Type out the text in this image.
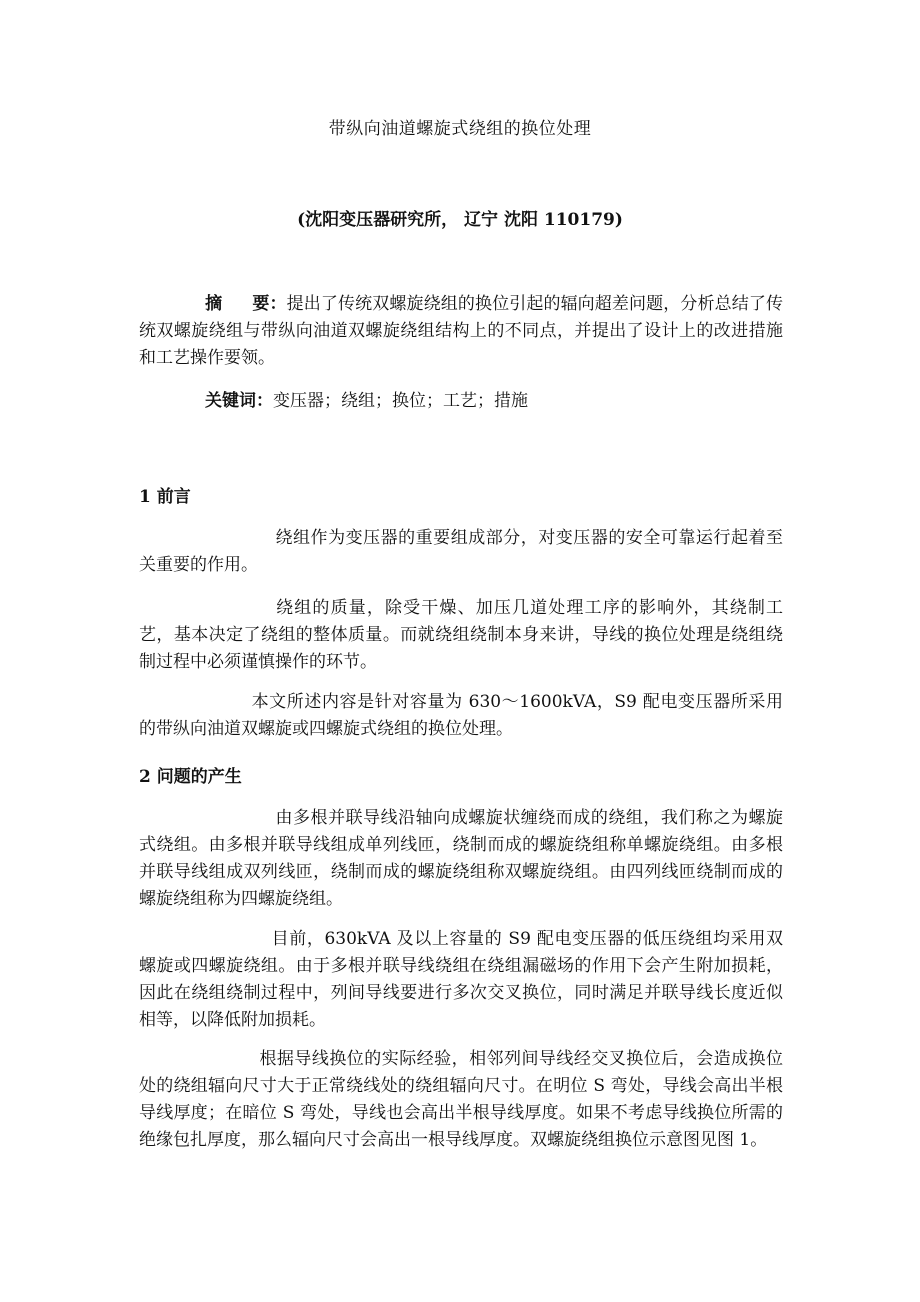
带纵向油道螺旋式绕组的换位处理
(沈阳变压器研究所， 辽宁 沈阳 110179)
摘 要：提出了传统双螺旋绕组的换位引起的辐向超差问题，分析总结了传统双螺旋绕组与带纵向油道双螺旋绕组结构上的不同点，并提出了设计上的改进措施和工艺操作要领。
关键词：变压器；绕组；换位；工艺；措施
1 前言
绕组作为变压器的重要组成部分，对变压器的安全可靠运行起着至关重要的作用。
绕组的质量，除受干燥、加压几道处理工序的影响外，其绕制工艺，基本决定了绕组的整体质量。而就绕组绕制本身来讲，导线的换位处理是绕组绕制过程中必须谨慎操作的环节。
本文所述内容是针对容量为 630～1600kVA，S9 配电变压器所采用的带纵向油道双螺旋或四螺旋式绕组的换位处理。
2 问题的产生
由多根并联导线沿轴向成螺旋状缠绕而成的绕组，我们称之为螺旋式绕组。由多根并联导线组成单列线匝，绕制而成的螺旋绕组称单螺旋绕组。由多根并联导线组成双列线匝，绕制而成的螺旋绕组称双螺旋绕组。由四列线匝绕制而成的螺旋绕组称为四螺旋绕组。
目前，630kVA 及以上容量的 S9 配电变压器的低压绕组均采用双螺旋或四螺旋绕组。由于多根并联导线绕组在绕组漏磁场的作用下会产生附加损耗，因此在绕组绕制过程中，列间导线要进行多次交叉换位，同时满足并联导线长度近似相等，以降低附加损耗。
根据导线换位的实际经验，相邻列间导线经交叉换位后，会造成换位处的绕组辐向尺寸大于正常绕线处的绕组辐向尺寸。在明位 S 弯处，导线会高出半根导线厚度；在暗位 S 弯处，导线也会高出半根导线厚度。如果不考虑导线换位所需的绝缘包扎厚度，那么辐向尺寸会高出一根导线厚度。双螺旋绕组换位示意图见图 1。
